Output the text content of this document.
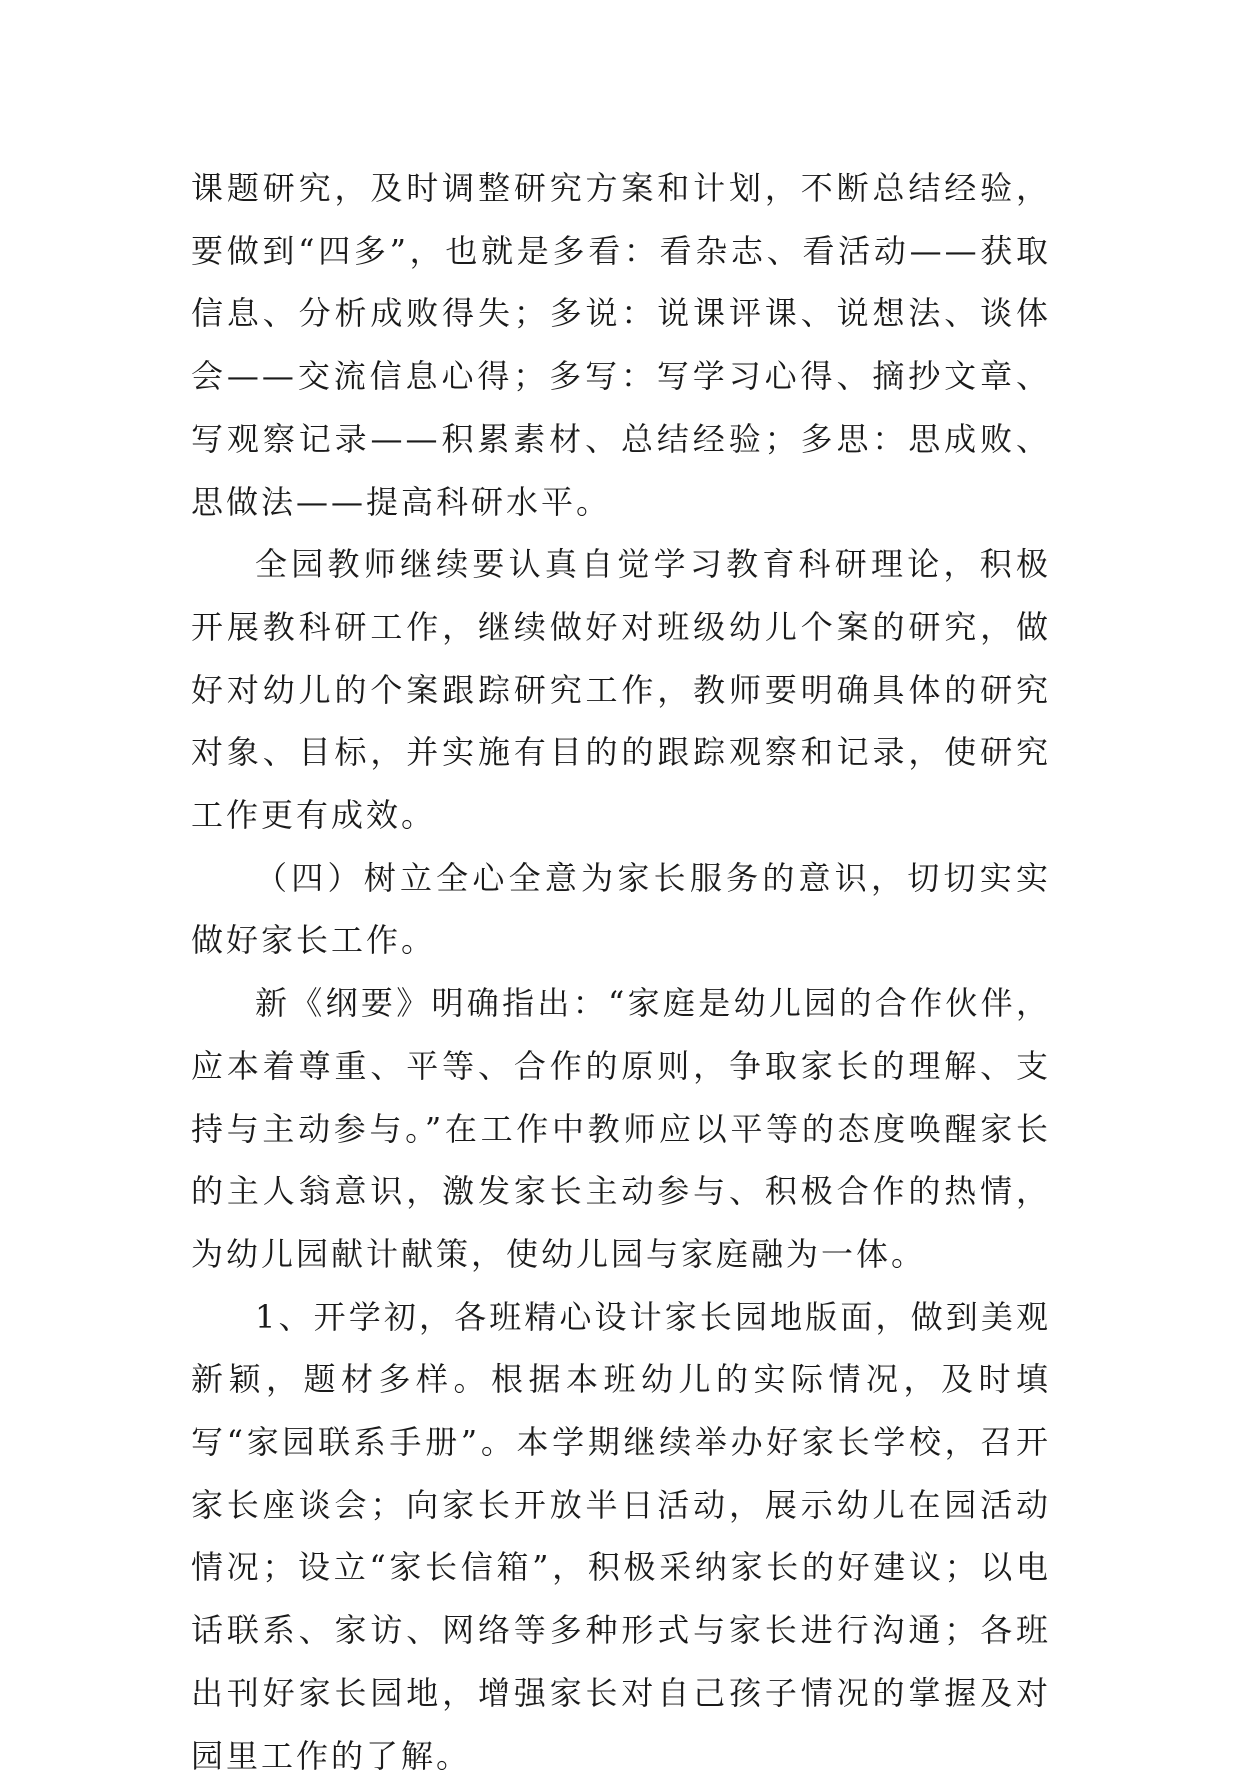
课题研究，及时调整研究方案和计划，不断总结经验，要做到“四多”，也就是多看：看杂志、看活动——获取信息、分析成败得失；多说：说课评课、说想法、谈体会——交流信息心得；多写：写学习心得、摘抄文章、写观察记录——积累素材、总结经验；多思：思成败、思做法——提高科研水平。

全园教师继续要认真自觉学习教育科研理论，积极开展教科研工作，继续做好对班级幼儿个案的研究，做好对幼儿的个案跟踪研究工作，教师要明确具体的研究对象、目标，并实施有目的的跟踪观察和记录，使研究工作更有成效。

（四）树立全心全意为家长服务的意识，切切实实做好家长工作。

新《纲要》明确指出：“家庭是幼儿园的合作伙伴，应本着尊重、平等、合作的原则，争取家长的理解、支持与主动参与。”在工作中教师应以平等的态度唤醒家长的主人翁意识，激发家长主动参与、积极合作的热情，为幼儿园献计献策，使幼儿园与家庭融为一体。

1、开学初，各班精心设计家长园地版面，做到美观新颖，题材多样。根据本班幼儿的实际情况，及时填写“家园联系手册”。本学期继续举办好家长学校，召开家长座谈会；向家长开放半日活动，展示幼儿在园活动情况；设立“家长信箱”，积极采纳家长的好建议；以电话联系、家访、网络等多种形式与家长进行沟通；各班出刊好家长园地，增强家长对自己孩子情况的掌握及对园里工作的了解。
